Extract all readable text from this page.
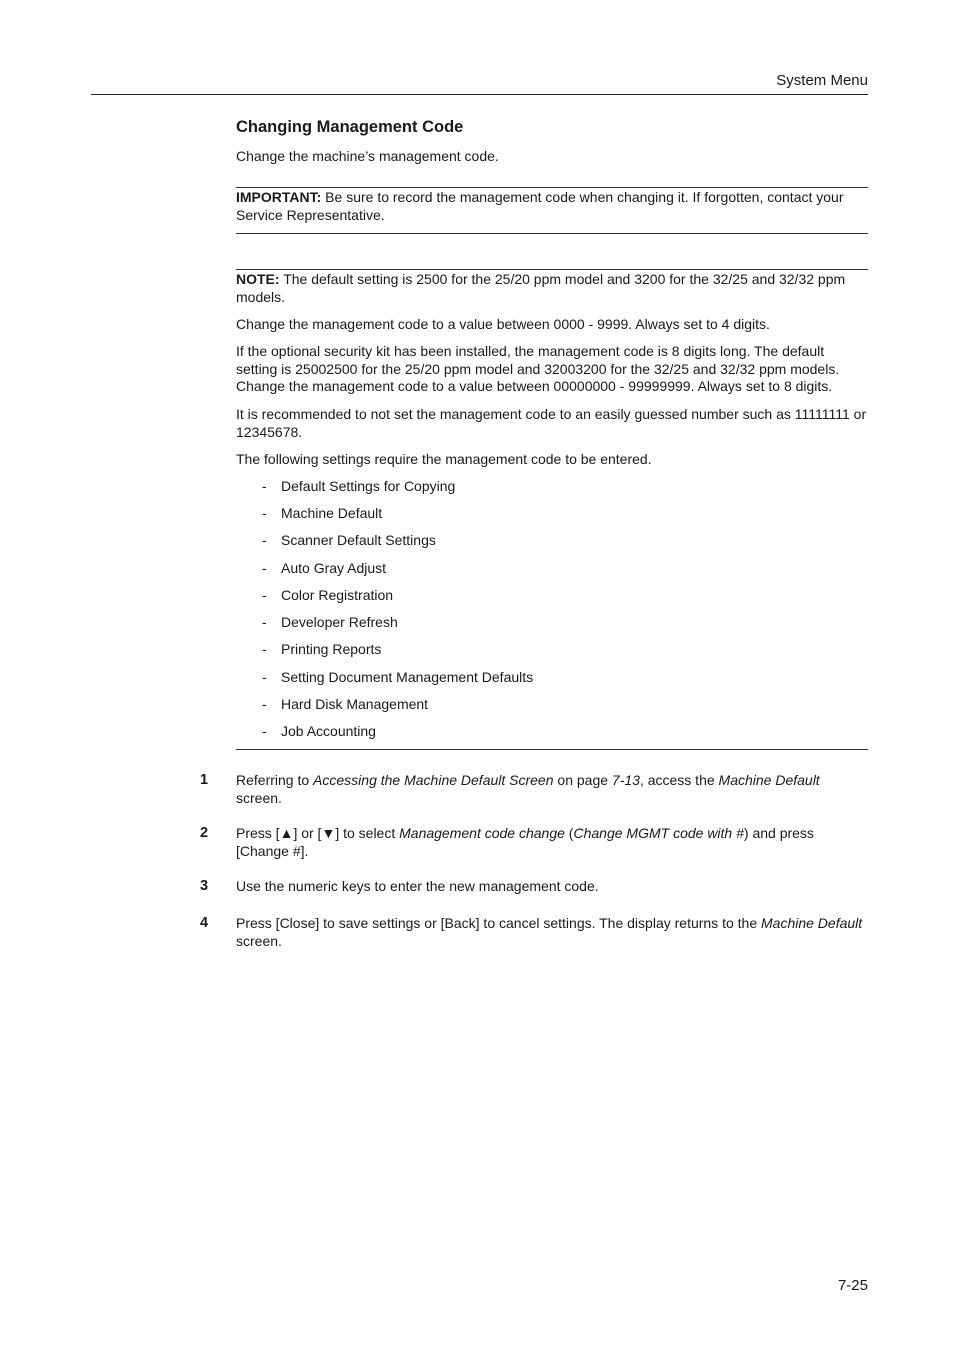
System Menu
Changing Management Code
Change the machine’s management code.
IMPORTANT: Be sure to record the management code when changing it. If forgotten, contact your Service Representative.
NOTE: The default setting is 2500 for the 25/20 ppm model and 3200 for the 32/25 and 32/32 ppm models.
Change the management code to a value between 0000 - 9999. Always set to 4 digits.
If the optional security kit has been installed, the management code is 8 digits long. The default setting is 25002500 for the 25/20 ppm model and 32003200 for the 32/25 and 32/32 ppm models. Change the management code to a value between 00000000 - 99999999. Always set to 8 digits.
It is recommended to not set the management code to an easily guessed number such as 11111111 or 12345678.
The following settings require the management code to be entered.
- Default Settings for Copying
- Machine Default
- Scanner Default Settings
- Auto Gray Adjust
- Color Registration
- Developer Refresh
- Printing Reports
- Setting Document Management Defaults
- Hard Disk Management
- Job Accounting
1 Referring to Accessing the Machine Default Screen on page 7-13, access the Machine Default screen.
2 Press [▲] or [▼] to select Management code change (Change MGMT code with #) and press [Change #].
3 Use the numeric keys to enter the new management code.
4 Press [Close] to save settings or [Back] to cancel settings. The display returns to the Machine Default screen.
7-25
